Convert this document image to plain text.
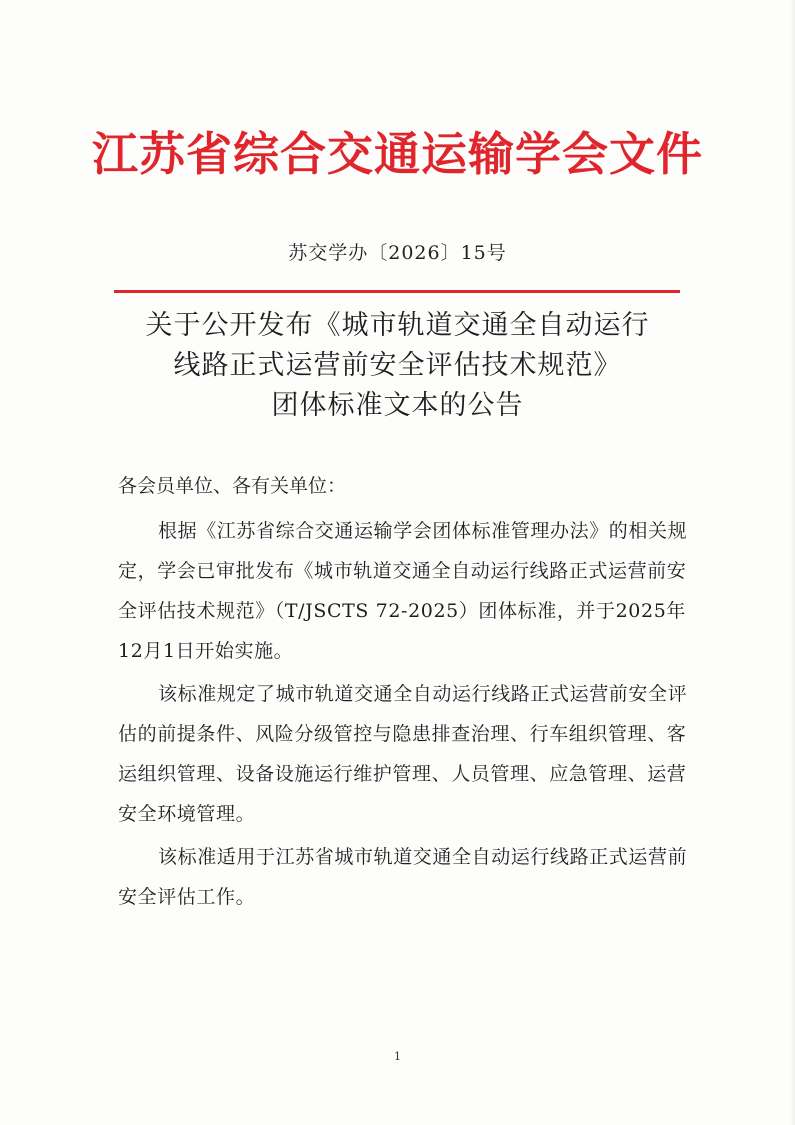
江苏省综合交通运输学会文件
苏交学办〔2026〕15号
关于公开发布《城市轨道交通全自动运行
线路正式运营前安全评估技术规范》
团体标准文本的公告

各会员单位、各有关单位：

根据《江苏省综合交通运输学会团体标准管理办法》的相关规定，学会已审批发布《城市轨道交通全自动运行线路正式运营前安全评估技术规范》（T/JSCTS 72-2025）团体标准，并于2025年12月1日开始实施。

该标准规定了城市轨道交通全自动运行线路正式运营前安全评估的前提条件、风险分级管控与隐患排查治理、行车组织管理、客运组织管理、设备设施运行维护管理、人员管理、应急管理、运营安全环境管理。

该标准适用于江苏省城市轨道交通全自动运行线路正式运营前安全评估工作。

1
